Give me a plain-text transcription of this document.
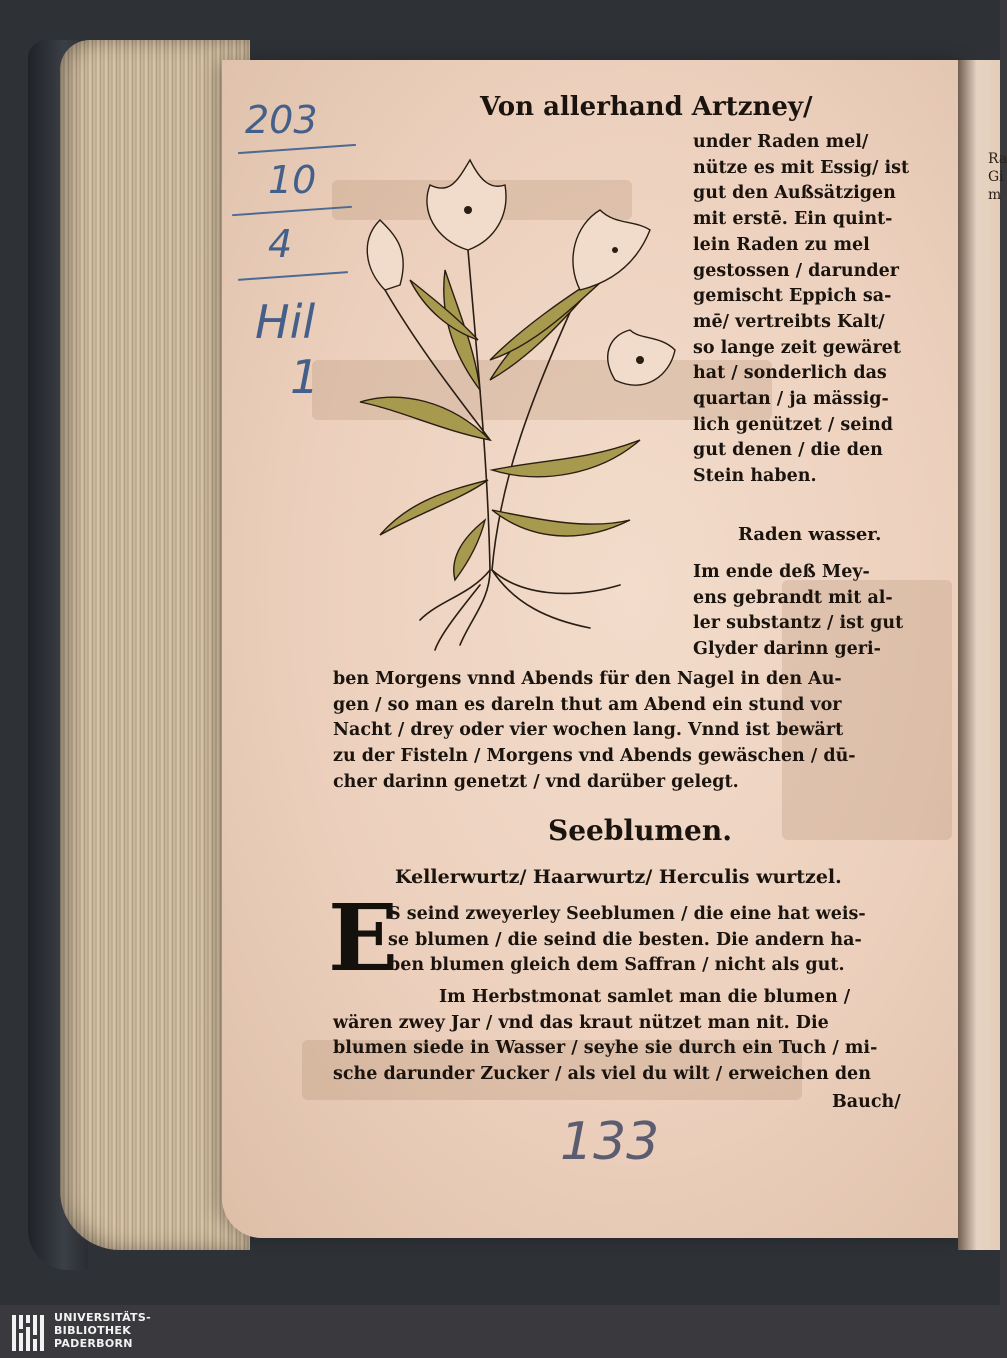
Ra
Gi
m
203
10
4
Hil
1
Von allerhand Artzney/
under Raden mel/
nütze es mit Essig/ ist
gut den Außsätzigen
mit erstē. Ein quint-
lein Raden zu mel
gestossen / darunder
gemischt Eppich sa-
mē/ vertreibts Kalt/
so lange zeit gewäret
hat / sonderlich das
quartan / ja mässig-
lich genützet / seind
gut denen / die den
Stein haben.
Raden wasser.
Im ende deß Mey-
ens gebrandt mit al-
ler substantz / ist gut
Glyder darinn geri-
ben Morgens vnnd Abends für den Nagel in den Au-
gen / so man es dareln thut am Abend ein stund vor
Nacht / drey oder vier wochen lang. Vnnd ist bewärt
zu der Fisteln / Morgens vnd Abends gewäschen / dū-
cher darinn genetzt / vnd darüber gelegt.
Seeblumen.
Kellerwurtz/ Haarwurtz/ Herculis wurtzel.
E
S seind zweyerley Seeblumen / die eine hat weis-
se blumen / die seind die besten. Die andern ha-
ben blumen gleich dem Saffran / nicht als gut.
Im Herbstmonat samlet man die blumen /
wären zwey Jar / vnd das kraut nützet man nit. Die
blumen siede in Wasser / seyhe sie durch ein Tuch / mi-
sche darunder Zucker / als viel du wilt / erweichen den
Bauch/
133
UNIVERSITÄTS-
BIBLIOTHEK
PADERBORN
